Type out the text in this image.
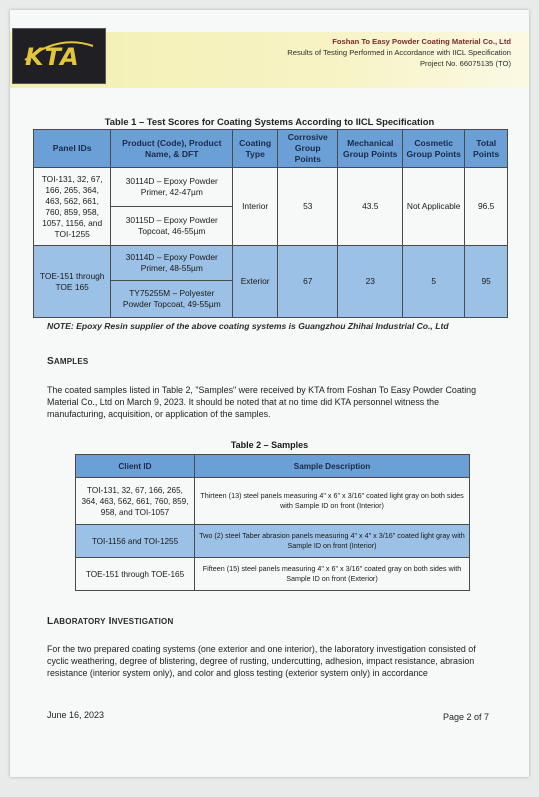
KTA
Foshan To Easy Powder Coating Material Co., Ltd
Results of Testing Performed in Accordance with IICL Specification
Project No. 66075135 (TO)
Table 1 – Test Scores for Coating Systems According to IICL Specification
Panel IDs	Product (Code), Product Name, & DFT	Coating Type	Corrosive Group Points	Mechanical Group Points	Cosmetic Group Points	Total Points
TOI-131, 32, 67, 166, 265, 364, 463, 562, 661, 760, 859, 958, 1057, 1156, and TOI-1255	30114D – Epoxy Powder Primer, 42-47µm	Interior	53	43.5	Not Applicable	96.5
	30115D – Epoxy Powder Topcoat, 46-55µm					
TOE-151 through TOE 165	30114D – Epoxy Powder Primer, 48-55µm	Exterior	67	23	5	95
	TY75255M – Polyester Powder Topcoat, 49-55µm					
NOTE: Epoxy Resin supplier of the above coating systems is Guangzhou Zhihai Industrial Co., Ltd
SAMPLES
The coated samples listed in Table 2, "Samples" were received by KTA from Foshan To Easy Powder Coating Material Co., Ltd on March 9, 2023. It should be noted that at no time did KTA personnel witness the manufacturing, acquisition, or application of the samples.
Table 2 – Samples
Client ID	Sample Description
TOI-131, 32, 67, 166, 265, 364, 463, 562, 661, 760, 859, 958, and TOI-1057	Thirteen (13) steel panels measuring 4" x 6" x 3/16" coated light gray on both sides with Sample ID on front (Interior)
TOI-1156 and TOI-1255	Two (2) steel Taber abrasion panels measuring 4" x 4" x 3/16" coated light gray with Sample ID on front (Interior)
TOE-151 through TOE-165	Fifteen (15) steel panels measuring 4" x 6" x 3/16" coated gray on both sides with Sample ID on front (Exterior)
LABORATORY INVESTIGATION
For the two prepared coating systems (one exterior and one interior), the laboratory investigation consisted of cyclic weathering, degree of blistering, degree of rusting, undercutting, adhesion, impact resistance, abrasion resistance (interior system only), and color and gloss testing (exterior system only) in accordance
June 16, 2023	Page 2 of 7
